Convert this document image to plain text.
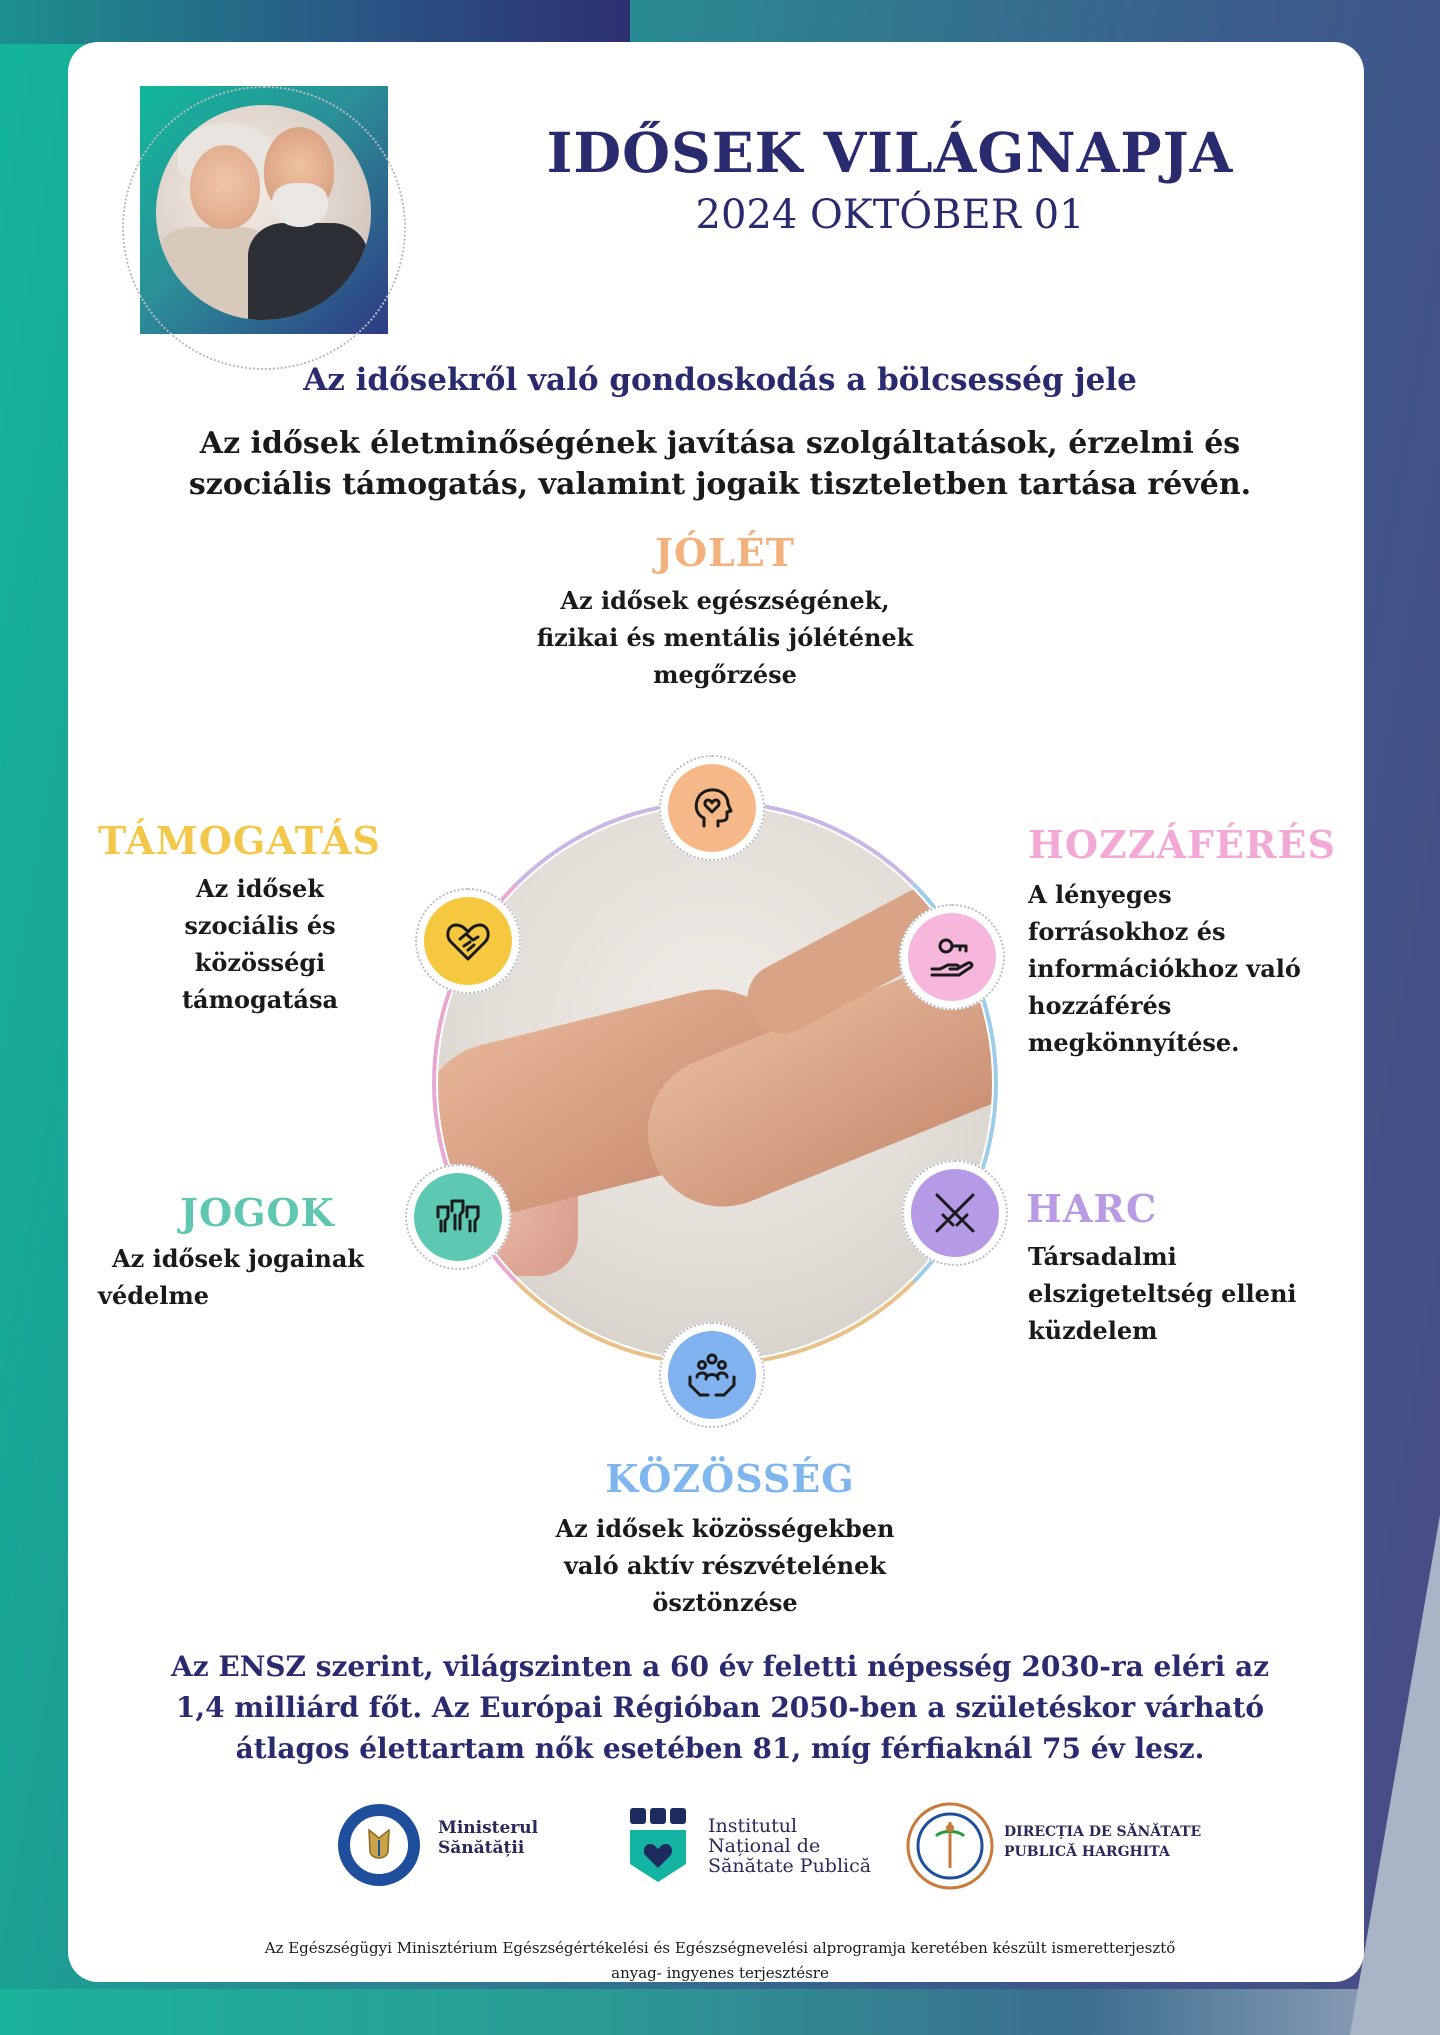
IDŐSEK VILÁGNAPJA
2024 OKTÓBER 01
Az idősekről való gondoskodás a bölcsesség jele
Az idősek életminőségének javítása szolgáltatások, érzelmi és szociális támogatás, valamint jogaik tiszteletben tartása révén.
JÓLÉT
Az idősek egészségének, fizikai és mentális jólétének megőrzése
TÁMOGATÁS
Az idősek szociális és közösségi támogatása
HOZZÁFÉRÉS
A lényeges forrásokhoz és információkhoz való hozzáférés megkönnyítése.
JOGOK
Az idősek jogainak védelme
HARC
Társadalmi elszigeteltség elleni küzdelem
KÖZÖSSÉG
Az idősek közösségekben való aktív részvételének ösztönzése
Az ENSZ szerint, világszinten a 60 év feletti népesség 2030-ra eléri az 1,4 milliárd főt. Az Európai Régióban 2050-ben a születéskor várható átlagos élettartam nők esetében 81, míg férfiaknál 75 év lesz.
Ministerul
Sănătății
Institutul
Național de
Sănătate Publică
DIRECȚIA DE SĂNĂTATE
PUBLICĂ HARGHITA
Az Egészségügyi Minisztérium Egészségértékelési és Egészségnevelési alprogramja keretében készült ismeretterjesztő
anyag- ingyenes terjesztésre
